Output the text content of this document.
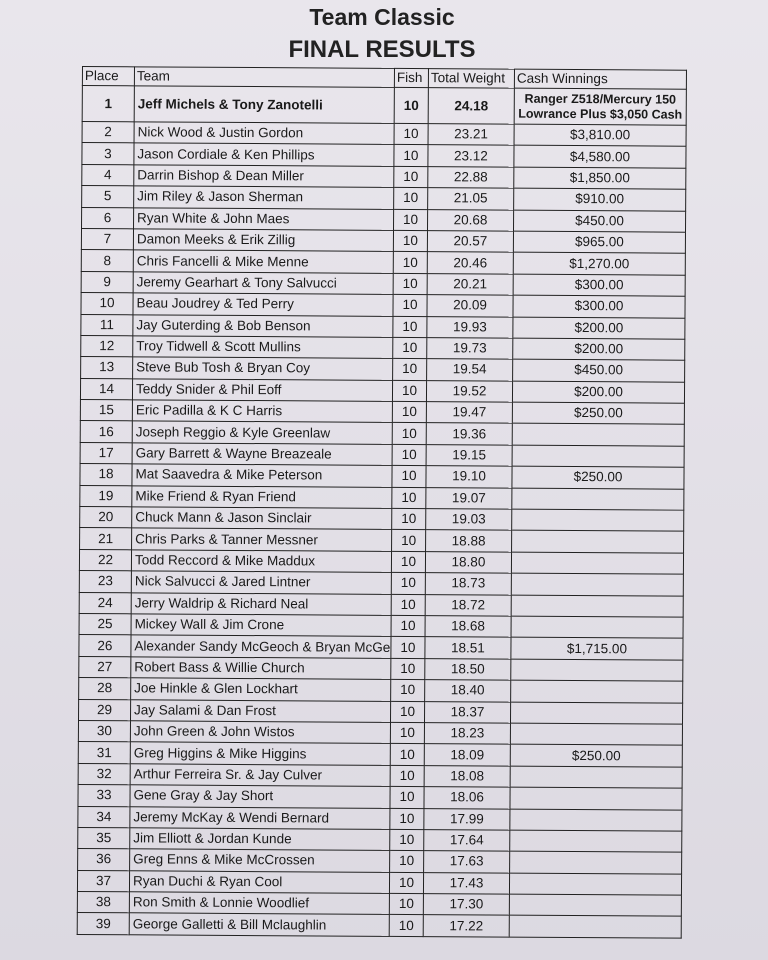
Team Classic
FINAL RESULTS
Place	Team	Fish	Total Weight	Cash Winnings
1	Jeff Michels & Tony Zanotelli	10	24.18	Ranger Z518/Mercury 150
Lowrance Plus $3,050 Cash

2	Nick Wood & Justin Gordon	10	23.21	$3,810.00

3	Jason Cordiale & Ken Phillips	10	23.12	$4,580.00

4	Darrin Bishop & Dean Miller	10	22.88	$1,850.00

5	Jim Riley & Jason Sherman	10	21.05	$910.00

6	Ryan White & John Maes	10	20.68	$450.00

7	Damon Meeks & Erik Zillig	10	20.57	$965.00

8	Chris Fancelli & Mike Menne	10	20.46	$1,270.00

9	Jeremy Gearhart & Tony Salvucci	10	20.21	$300.00

10	Beau Joudrey & Ted Perry	10	20.09	$300.00

11	Jay Guterding & Bob Benson	10	19.93	$200.00

12	Troy Tidwell & Scott Mullins	10	19.73	$200.00

13	Steve Bub Tosh & Bryan Coy	10	19.54	$450.00

14	Teddy Snider & Phil Eoff	10	19.52	$200.00

15	Eric Padilla & K C Harris	10	19.47	$250.00

16	Joseph Reggio & Kyle Greenlaw	10	19.36	
17	Gary Barrett & Wayne Breazeale	10	19.15	
18	Mat Saavedra & Mike Peterson	10	19.10	$250.00

19	Mike Friend & Ryan Friend	10	19.07	
20	Chuck Mann & Jason Sinclair	10	19.03	
21	Chris Parks & Tanner Messner	10	18.88	
22	Todd Reccord & Mike Maddux	10	18.80	
23	Nick Salvucci & Jared Lintner	10	18.73	
24	Jerry Waldrip & Richard Neal	10	18.72	
25	Mickey Wall & Jim Crone	10	18.68	
26	Alexander Sandy McGeoch & Bryan McGe	10	18.51	$1,715.00

27	Robert Bass & Willie Church	10	18.50	
28	Joe Hinkle & Glen Lockhart	10	18.40	
29	Jay Salami & Dan Frost	10	18.37	
30	John Green & John Wistos	10	18.23	
31	Greg Higgins & Mike Higgins	10	18.09	$250.00

32	Arthur Ferreira Sr. & Jay Culver	10	18.08	
33	Gene Gray & Jay Short	10	18.06	
34	Jeremy McKay & Wendi Bernard	10	17.99	
35	Jim Elliott & Jordan Kunde	10	17.64	
36	Greg Enns & Mike McCrossen	10	17.63	
37	Ryan Duchi & Ryan Cool	10	17.43	
38	Ron Smith & Lonnie Woodlief	10	17.30	
39	George Galletti & Bill Mclaughlin	10	17.22	
